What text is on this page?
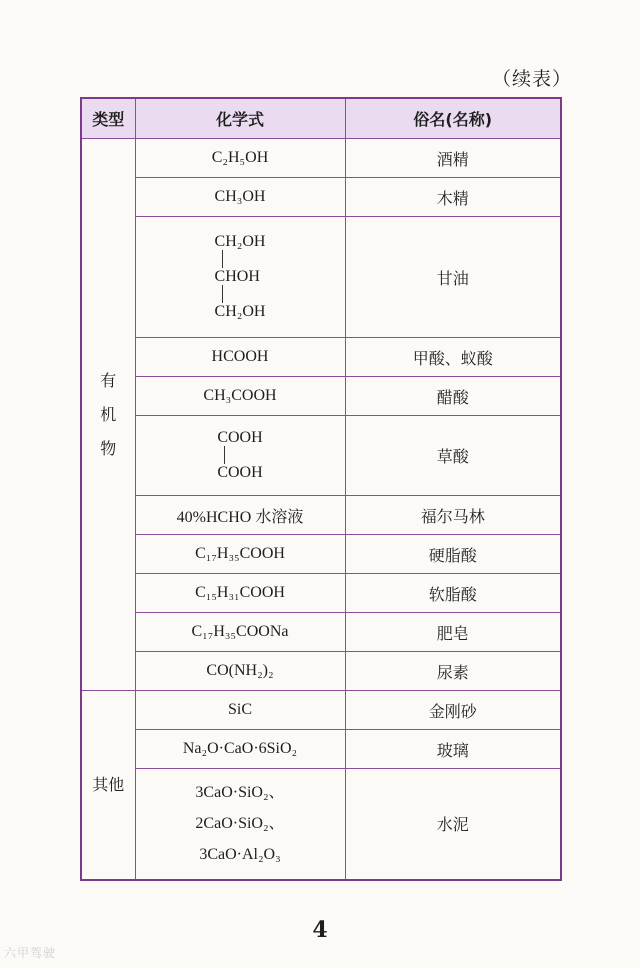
（续表）
类型	化学式	俗名(名称)

有
机
物	C₂H₅OH	酒精
	CH₃OH	木精

	CH₂OH
CHOH
CH₂OH	甘油
	HCOOH	甲酸、蚁酸
	CH₃COOH	醋酸

	COOH
COOH	草酸
	40%HCHO 水溶液	福尔马林
	C₁₇H₃₅COOH	硬脂酸
	C₁₅H₃₁COOH	软脂酸
	C₁₇H₃₅COONa	肥皂
	CO(NH₂)₂	尿素
其他	SiC	金刚砂
	Na₂O·CaO·6SiO₂	玻璃

	3CaO·SiO₂、
2CaO·SiO₂、
3CaO·Al₂O₃	水泥
4
六甲驾驶
